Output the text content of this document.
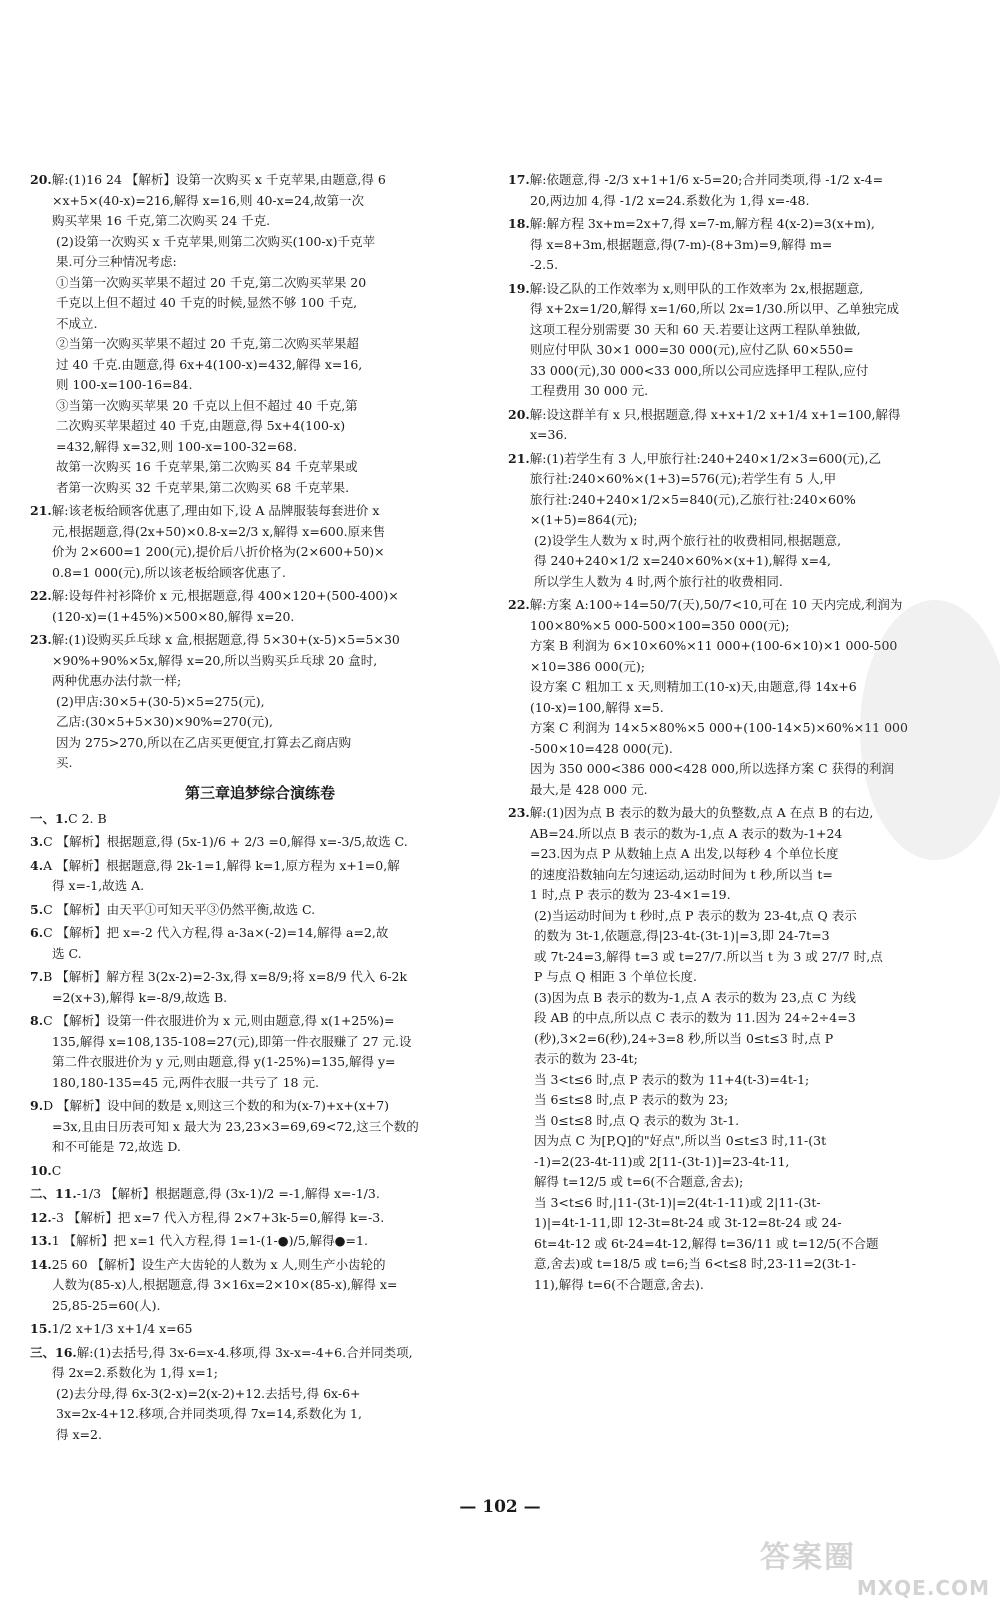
20.解:(1)16 24 【解析】设第一次购买 x 千克苹果,由题意,得 6
×x+5×(40-x)=216,解得 x=16,则 40-x=24,故第一次
购买苹果 16 千克,第二次购买 24 千克.
(2)设第一次购买 x 千克苹果,则第二次购买(100-x)千克苹
果.可分三种情况考虑:
①当第一次购买苹果不超过 20 千克,第二次购买苹果 20
千克以上但不超过 40 千克的时候,显然不够 100 千克,
不成立.
②当第一次购买苹果不超过 20 千克,第二次购买苹果超
过 40 千克.由题意,得 6x+4(100-x)=432,解得 x=16,
则 100-x=100-16=84.
③当第一次购买苹果 20 千克以上但不超过 40 千克,第
二次购买苹果超过 40 千克,由题意,得 5x+4(100-x)
=432,解得 x=32,则 100-x=100-32=68.
故第一次购买 16 千克苹果,第二次购买 84 千克苹果或
者第一次购买 32 千克苹果,第二次购买 68 千克苹果.
21.解:该老板给顾客优惠了,理由如下,设 A 品牌服装每套进价 x
元,根据题意,得(2x+50)×0.8-x=2/3 x,解得 x=600.原来售
价为 2×600=1 200(元),提价后八折价格为(2×600+50)×
0.8=1 000(元),所以该老板给顾客优惠了.
22.解:设每件衬衫降价 x 元,根据题意,得 400×120+(500-400)×
(120-x)=(1+45%)×500×80,解得 x=20.
23.解:(1)设购买乒乓球 x 盒,根据题意,得 5×30+(x-5)×5=5×30
×90%+90%×5x,解得 x=20,所以当购买乒乓球 20 盒时,
两种优惠办法付款一样;
(2)甲店:30×5+(30-5)×5=275(元),
乙店:(30×5+5×30)×90%=270(元),
因为 275>270,所以在乙店买更便宜,打算去乙商店购
买.
第三章追梦综合演练卷
一、1.C 2. B
3.C 【解析】根据题意,得 (5x-1)/6 + 2/3 =0,解得 x=-3/5,故选 C.
4.A 【解析】根据题意,得 2k-1=1,解得 k=1,原方程为 x+1=0,解
得 x=-1,故选 A.
5.C 【解析】由天平①可知天平③仍然平衡,故选 C.
6.C 【解析】把 x=-2 代入方程,得 a-3a×(-2)=14,解得 a=2,故
选 C.
7.B 【解析】解方程 3(2x-2)=2-3x,得 x=8/9;将 x=8/9 代入 6-2k
=2(x+3),解得 k=-8/9,故选 B.
8.C 【解析】设第一件衣服进价为 x 元,则由题意,得 x(1+25%)=
135,解得 x=108,135-108=27(元),即第一件衣服赚了 27 元.设
第二件衣服进价为 y 元,则由题意,得 y(1-25%)=135,解得 y=
180,180-135=45 元,两件衣服一共亏了 18 元.
9.D 【解析】设中间的数是 x,则这三个数的和为(x-7)+x+(x+7)
=3x,且由日历表可知 x 最大为 23,23×3=69,69<72,这三个数的
和不可能是 72,故选 D.
10.C
二、11.-1/3 【解析】根据题意,得 (3x-1)/2 =-1,解得 x=-1/3.
12.-3 【解析】把 x=7 代入方程,得 2×7+3k-5=0,解得 k=-3.
13.1 【解析】把 x=1 代入方程,得 1=1-(1-●)/5,解得●=1.
14.25 60 【解析】设生产大齿轮的人数为 x 人,则生产小齿轮的
人数为(85-x)人,根据题意,得 3×16x=2×10×(85-x),解得 x=
25,85-25=60(人).
15.1/2 x+1/3 x+1/4 x=65
三、16.解:(1)去括号,得 3x-6=x-4.移项,得 3x-x=-4+6.合并同类项,
得 2x=2.系数化为 1,得 x=1;
(2)去分母,得 6x-3(2-x)=2(x-2)+12.去括号,得 6x-6+
3x=2x-4+12.移项,合并同类项,得 7x=14,系数化为 1,
得 x=2.
17.解:依题意,得 -2/3 x+1+1/6 x-5=20;合并同类项,得 -1/2 x-4=
20,两边加 4,得 -1/2 x=24.系数化为 1,得 x=-48.
18.解:解方程 3x+m=2x+7,得 x=7-m,解方程 4(x-2)=3(x+m),
得 x=8+3m,根据题意,得(7-m)-(8+3m)=9,解得 m=
-2.5.
19.解:设乙队的工作效率为 x,则甲队的工作效率为 2x,根据题意,
得 x+2x=1/20,解得 x=1/60,所以 2x=1/30.所以甲、乙单独完成
这项工程分别需要 30 天和 60 天.若要让这两工程队单独做,
则应付甲队 30×1 000=30 000(元),应付乙队 60×550=
33 000(元),30 000<33 000,所以公司应选择甲工程队,应付
工程费用 30 000 元.
20.解:设这群羊有 x 只,根据题意,得 x+x+1/2 x+1/4 x+1=100,解得
x=36.
21.解:(1)若学生有 3 人,甲旅行社:240+240×1/2×3=600(元),乙
旅行社:240×60%×(1+3)=576(元);若学生有 5 人,甲
旅行社:240+240×1/2×5=840(元),乙旅行社:240×60%
×(1+5)=864(元);
(2)设学生人数为 x 时,两个旅行社的收费相同,根据题意,
得 240+240×1/2 x=240×60%×(x+1),解得 x=4,
所以学生人数为 4 时,两个旅行社的收费相同.
22.解:方案 A:100÷14=50/7(天),50/7<10,可在 10 天内完成,利润为
100×80%×5 000-500×100=350 000(元);
方案 B 利润为 6×10×60%×11 000+(100-6×10)×1 000-500
×10=386 000(元);
设方案 C 粗加工 x 天,则精加工(10-x)天,由题意,得 14x+6
(10-x)=100,解得 x=5.
方案 C 利润为 14×5×80%×5 000+(100-14×5)×60%×11 000
-500×10=428 000(元).
因为 350 000<386 000<428 000,所以选择方案 C 获得的利润
最大,是 428 000 元.
23.解:(1)因为点 B 表示的数为最大的负整数,点 A 在点 B 的右边,
AB=24.所以点 B 表示的数为-1,点 A 表示的数为-1+24
=23.因为点 P 从数轴上点 A 出发,以每秒 4 个单位长度
的速度沿数轴向左匀速运动,运动时间为 t 秒,所以当 t=
1 时,点 P 表示的数为 23-4×1=19.
(2)当运动时间为 t 秒时,点 P 表示的数为 23-4t,点 Q 表示
的数为 3t-1,依题意,得|23-4t-(3t-1)|=3,即 24-7t=3
或 7t-24=3,解得 t=3 或 t=27/7.所以当 t 为 3 或 27/7 时,点
P 与点 Q 相距 3 个单位长度.
(3)因为点 B 表示的数为-1,点 A 表示的数为 23,点 C 为线
段 AB 的中点,所以点 C 表示的数为 11.因为 24÷2÷4=3
(秒),3×2=6(秒),24÷3=8 秒,所以当 0≤t≤3 时,点 P
表示的数为 23-4t;
当 3<t≤6 时,点 P 表示的数为 11+4(t-3)=4t-1;
当 6≤t≤8 时,点 P 表示的数为 23;
当 0≤t≤8 时,点 Q 表示的数为 3t-1.
因为点 C 为[P,Q]的"好点",所以当 0≤t≤3 时,11-(3t
-1)=2(23-4t-11)或 2[11-(3t-1)]=23-4t-11,
解得 t=12/5 或 t=6(不合题意,舍去);
当 3<t≤6 时,|11-(3t-1)|=2(4t-1-11)或 2|11-(3t-
1)|=4t-1-11,即 12-3t=8t-24 或 3t-12=8t-24 或 24-
6t=4t-12 或 6t-24=4t-12,解得 t=36/11 或 t=12/5(不合题
意,舍去)或 t=18/5 或 t=6;当 6<t≤8 时,23-11=2(3t-1-
11),解得 t=6(不合题意,舍去).
— 102 —
答案圈
MXQE.COM
